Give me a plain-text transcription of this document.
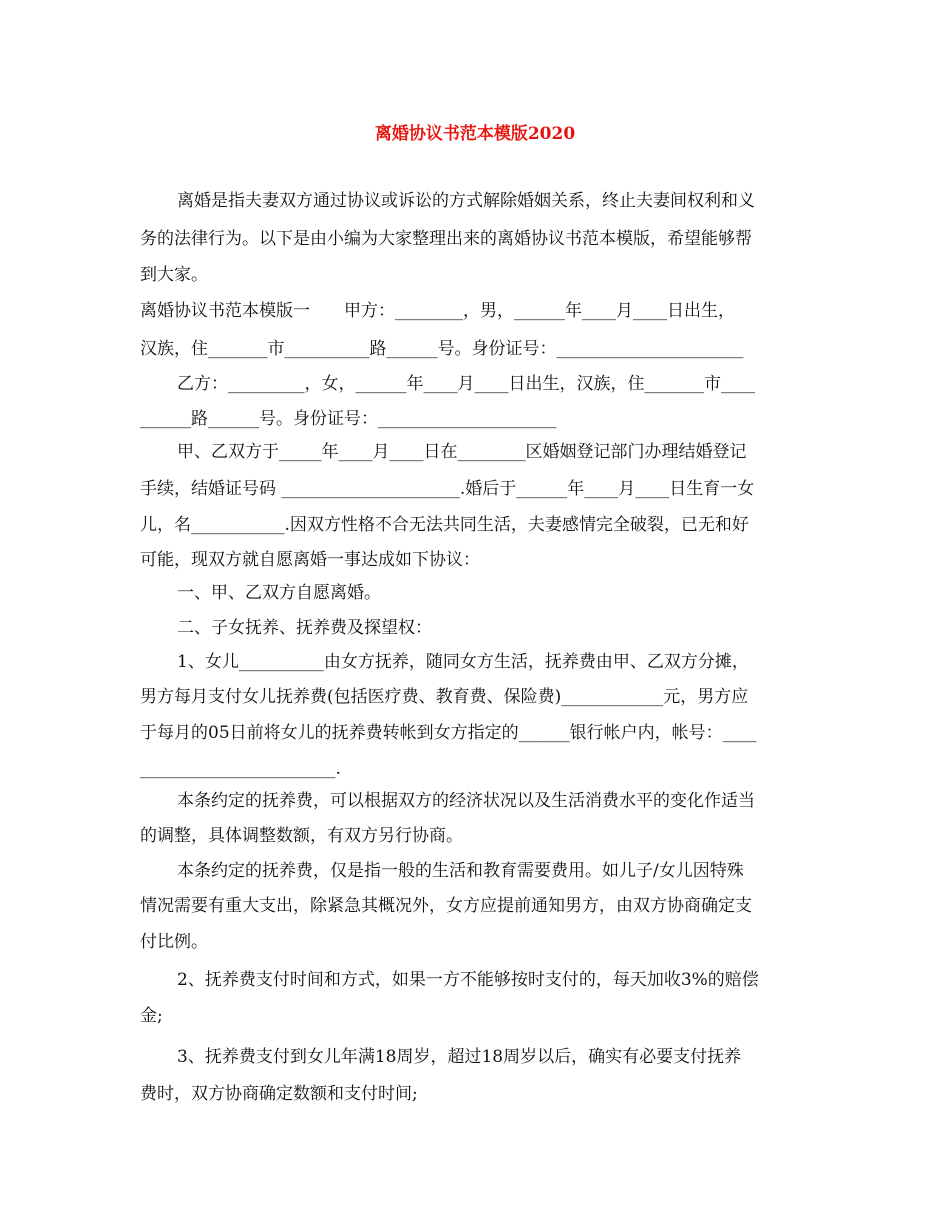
离婚协议书范本模版2020
离婚是指夫妻双方通过协议或诉讼的方式解除婚姻关系，终止夫妻间权利和义
务的法律行为。以下是由小编为大家整理出来的离婚协议书范本模版，希望能够帮
到大家。
离婚协议书范本模版一　　甲方：________，男，______年____月____日出生，
汉族，住_______市__________路______号。身份证号：______________________
乙方：_________，女，______年____月____日出生，汉族，住_______市____
______路______号。身份证号：_____________________
甲、乙双方于_____年____月____日在________区婚姻登记部门办理结婚登记
手续，结婚证号码 _____________________.婚后于______年____月____日生育一女
儿，名___________.因双方性格不合无法共同生活，夫妻感情完全破裂，已无和好
可能，现双方就自愿离婚一事达成如下协议：
一、甲、乙双方自愿离婚。
二、子女抚养、抚养费及探望权：
1、女儿__________由女方抚养，随同女方生活，抚养费由甲、乙双方分摊，
男方每月支付女儿抚养费(包括医疗费、教育费、保险费)____________元，男方应
于每月的05日前将女儿的抚养费转帐到女方指定的______银行帐户内，帐号：____
_______________________.
本条约定的抚养费，可以根据双方的经济状况以及生活消费水平的变化作适当
的调整，具体调整数额，有双方另行协商。
本条约定的抚养费，仅是指一般的生活和教育需要费用。如儿子/女儿因特殊
情况需要有重大支出，除紧急其概况外，女方应提前通知男方，由双方协商确定支
付比例。
2、抚养费支付时间和方式，如果一方不能够按时支付的，每天加收3%的赔偿
金;
3、抚养费支付到女儿年满18周岁，超过18周岁以后，确实有必要支付抚养
费时，双方协商确定数额和支付时间;
